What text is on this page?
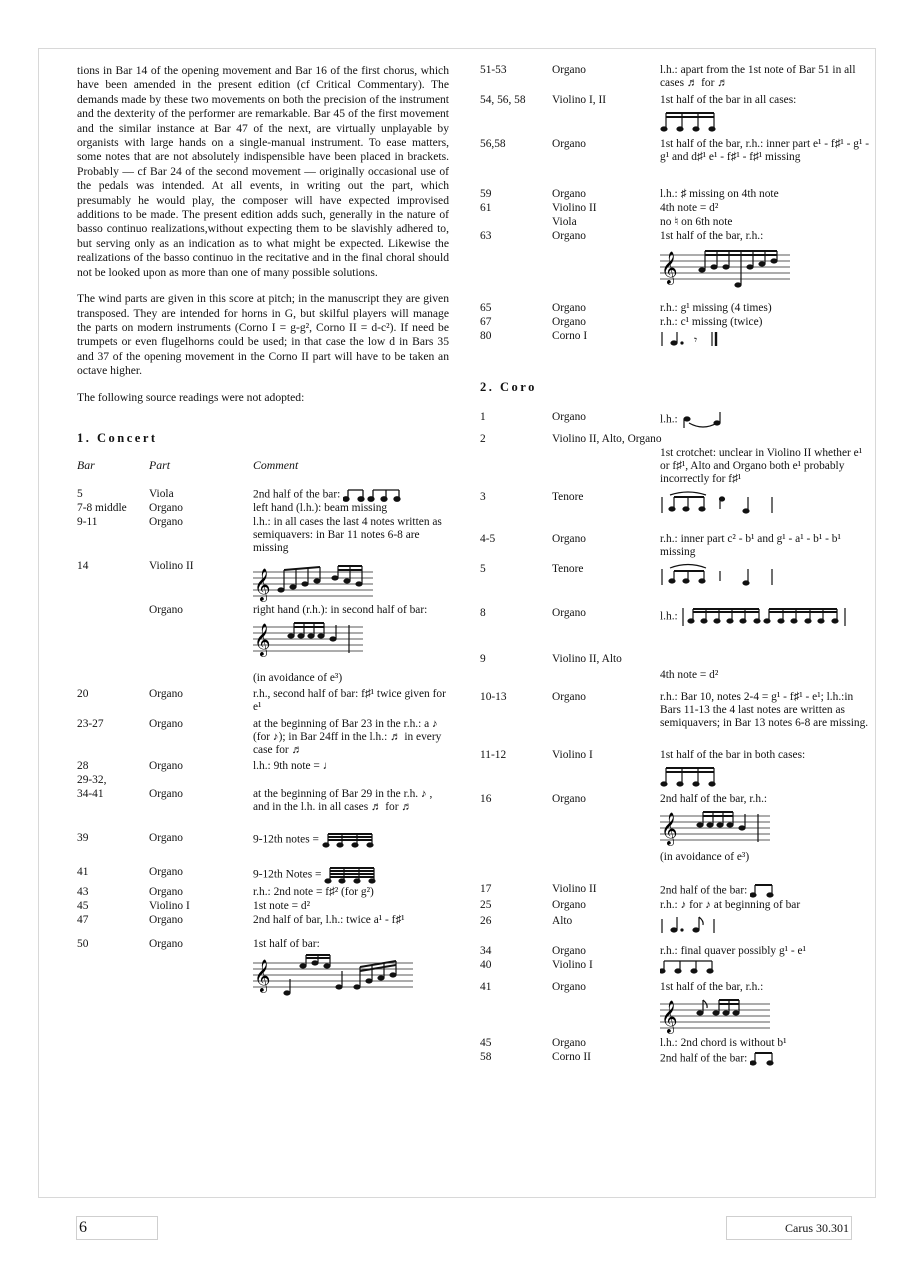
tions in Bar 14 of the opening movement and Bar 16 of the first chorus, which have been amended in the present edition (cf Critical Commentary). The demands made by these two movements on both the precision of the instrument and the dexterity of the performer are remarkable. Bar 45 of the first movement and the similar instance at Bar 47 of the next, are virtually unplayable by organists with large hands on a single-manual instrument. To ease matters, some notes that are not absolutely indispensible have been placed in brackets. Probably — cf Bar 24 of the second movement — originally occasional use of the pedals was intended. At all events, in writing out the part, which presumably he would play, the composer will have expected improvised additions to be made. The present edition adds such, generally in the nature of basso continuo realizations,without expecting them to be slavishly adhered to, but serving only as an indication as to what might be expected. Likewise the realizations of the basso continuo in the recitative and in the final choral should not be looked upon as more than one of many possible solutions.

The wind parts are given in this score at pitch; in the manuscript they are given transposed. They are intended for horns in G, but skilful players will manage the parts on modern instruments (Corno I = g-g², Corno II = d-c²). If need be trumpets or even flugelhorns could be used; in that case the low d in Bars 35 and 37 of the opening movement in the Corno II part will have to be taken an octave higher.

The following source readings were not adopted:

1. Concert

Bar	Part	Comment
5	Viola	2nd half of the bar:
7-8 middle	Organo	left hand (l.h.): beam missing
9-11	Organo	l.h.: in all cases the last 4 notes written as semiquavers: in Bar 11 notes 6-8 are missing
14	Violino II
𝄞
Organo	right hand (r.h.): in second half of bar:
𝄞
(in avoidance of e³)
20	Organo	r.h., second half of bar: f♯¹ twice given for e¹
23-27	Organo	at the beginning of Bar 23 in the r.h.: a ♪ (for ♪); in Bar 24ff in the l.h.: ♬ in every case for ♬
28	Organo	l.h.: 9th note = ♩
29-32,
34-41	Organo	at the beginning of Bar 29 in the r.h. ♪ , and in the l.h. in all cases ♬ for ♬
39	Organo	9-12th notes =
41	Organo	9-12th Notes =
43	Organo	r.h.: 2nd note = f♯² (for g²)
45	Violino I	1st note = d²
47	Organo	2nd half of bar, l.h.: twice a¹ - f♯¹
50	Organo	1st half of bar:
𝄞
51-53	Organo	l.h.: apart from the 1st note of Bar 51 in all cases ♬ for ♬
54, 56, 58	Violino I, II	1st half of the bar in all cases:
56,58	Organo	1st half of the bar, r.h.: inner part e¹ - f♯¹ - g¹ - g¹ and d♯¹ e¹ - f♯¹ - f♯¹ missing
59	Organo	l.h.: ♯ missing on 4th note
61	Violino II	4th note = d²
Viola	no ♮ on 6th note
63	Organo	1st half of the bar, r.h.:
𝄞
65	Organo	r.h.: g¹ missing (4 times)
67	Organo	r.h.: c¹ missing (twice)
80	Corno I	𝄾

2. Coro

1	Organo	l.h.:
2	Violino II, Alto, Organo
1st crotchet: unclear in Violino II whether e¹ or f♯¹, Alto and Organo both e¹ probably incorrectly for f♯¹
3	Tenore
4-5	Organo	r.h.: inner part c² - b¹ and g¹ - a¹ - b¹ - b¹ missing
5	Tenore
8	Organo	l.h.:
9	Violino II, Alto
4th note = d²
10-13	Organo	r.h.: Bar 10, notes 2-4 = g¹ - f♯¹ - e¹; l.h.:in Bars 11-13 the 4 last notes are written as semiquavers; in Bar 13 notes 6-8 are missing.
11-12	Violino I	1st half of the bar in both cases:
16	Organo	2nd half of the bar, r.h.:
𝄞
(in avoidance of e³)
17	Violino II	2nd half of the bar:
25	Organo	r.h.: ♪ for ♪ at beginning of bar
26	Alto
34	Organo	r.h.: final quaver possibly g¹ - e¹
40	Violino I
41	Organo	1st half of the bar, r.h.:
𝄞
45	Organo	l.h.: 2nd chord is without b¹
58	Corno II	2nd half of the bar:
6	Carus 30.301
